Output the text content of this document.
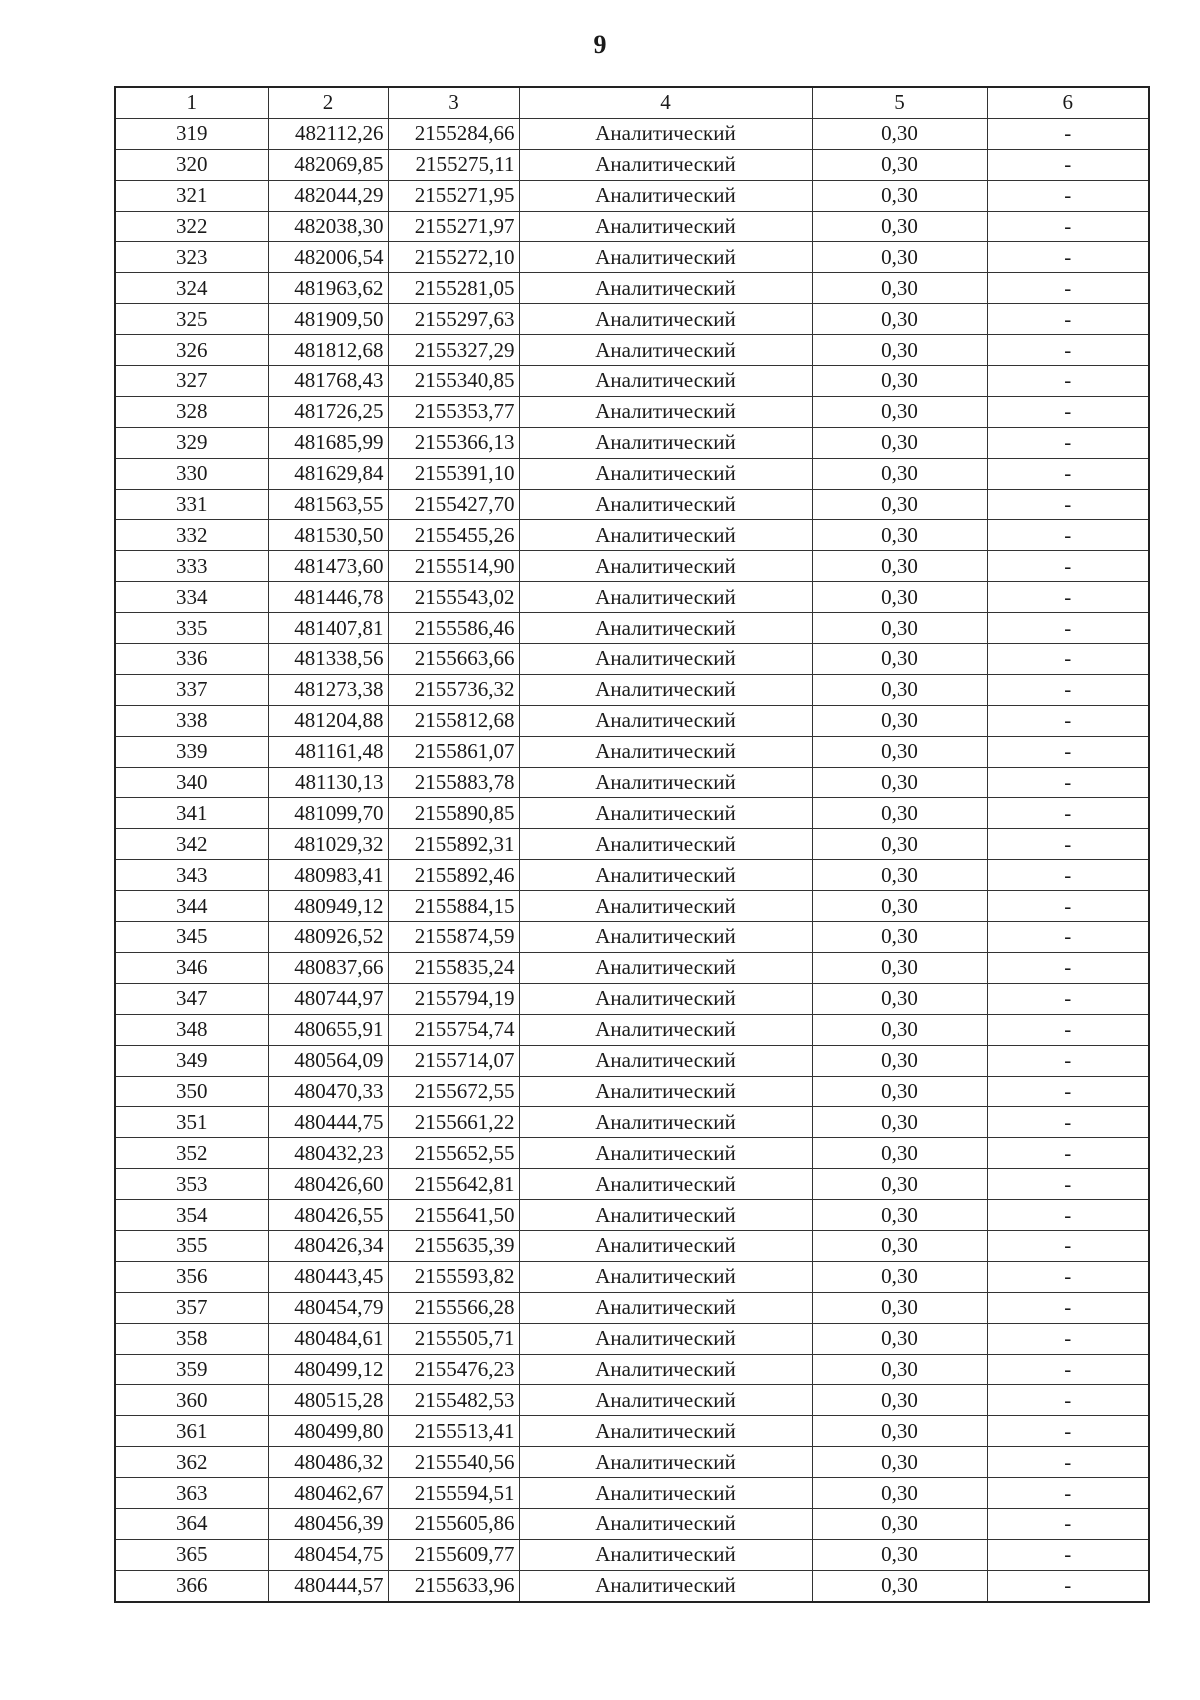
9
1	2	3	4	5	6
319	482112,26	2155284,66	Аналитический	0,30	-
320	482069,85	2155275,11	Аналитический	0,30	-
321	482044,29	2155271,95	Аналитический	0,30	-
322	482038,30	2155271,97	Аналитический	0,30	-
323	482006,54	2155272,10	Аналитический	0,30	-
324	481963,62	2155281,05	Аналитический	0,30	-
325	481909,50	2155297,63	Аналитический	0,30	-
326	481812,68	2155327,29	Аналитический	0,30	-
327	481768,43	2155340,85	Аналитический	0,30	-
328	481726,25	2155353,77	Аналитический	0,30	-
329	481685,99	2155366,13	Аналитический	0,30	-
330	481629,84	2155391,10	Аналитический	0,30	-
331	481563,55	2155427,70	Аналитический	0,30	-
332	481530,50	2155455,26	Аналитический	0,30	-
333	481473,60	2155514,90	Аналитический	0,30	-
334	481446,78	2155543,02	Аналитический	0,30	-
335	481407,81	2155586,46	Аналитический	0,30	-
336	481338,56	2155663,66	Аналитический	0,30	-
337	481273,38	2155736,32	Аналитический	0,30	-
338	481204,88	2155812,68	Аналитический	0,30	-
339	481161,48	2155861,07	Аналитический	0,30	-
340	481130,13	2155883,78	Аналитический	0,30	-
341	481099,70	2155890,85	Аналитический	0,30	-
342	481029,32	2155892,31	Аналитический	0,30	-
343	480983,41	2155892,46	Аналитический	0,30	-
344	480949,12	2155884,15	Аналитический	0,30	-
345	480926,52	2155874,59	Аналитический	0,30	-
346	480837,66	2155835,24	Аналитический	0,30	-
347	480744,97	2155794,19	Аналитический	0,30	-
348	480655,91	2155754,74	Аналитический	0,30	-
349	480564,09	2155714,07	Аналитический	0,30	-
350	480470,33	2155672,55	Аналитический	0,30	-
351	480444,75	2155661,22	Аналитический	0,30	-
352	480432,23	2155652,55	Аналитический	0,30	-
353	480426,60	2155642,81	Аналитический	0,30	-
354	480426,55	2155641,50	Аналитический	0,30	-
355	480426,34	2155635,39	Аналитический	0,30	-
356	480443,45	2155593,82	Аналитический	0,30	-
357	480454,79	2155566,28	Аналитический	0,30	-
358	480484,61	2155505,71	Аналитический	0,30	-
359	480499,12	2155476,23	Аналитический	0,30	-
360	480515,28	2155482,53	Аналитический	0,30	-
361	480499,80	2155513,41	Аналитический	0,30	-
362	480486,32	2155540,56	Аналитический	0,30	-
363	480462,67	2155594,51	Аналитический	0,30	-
364	480456,39	2155605,86	Аналитический	0,30	-
365	480454,75	2155609,77	Аналитический	0,30	-
366	480444,57	2155633,96	Аналитический	0,30	-
